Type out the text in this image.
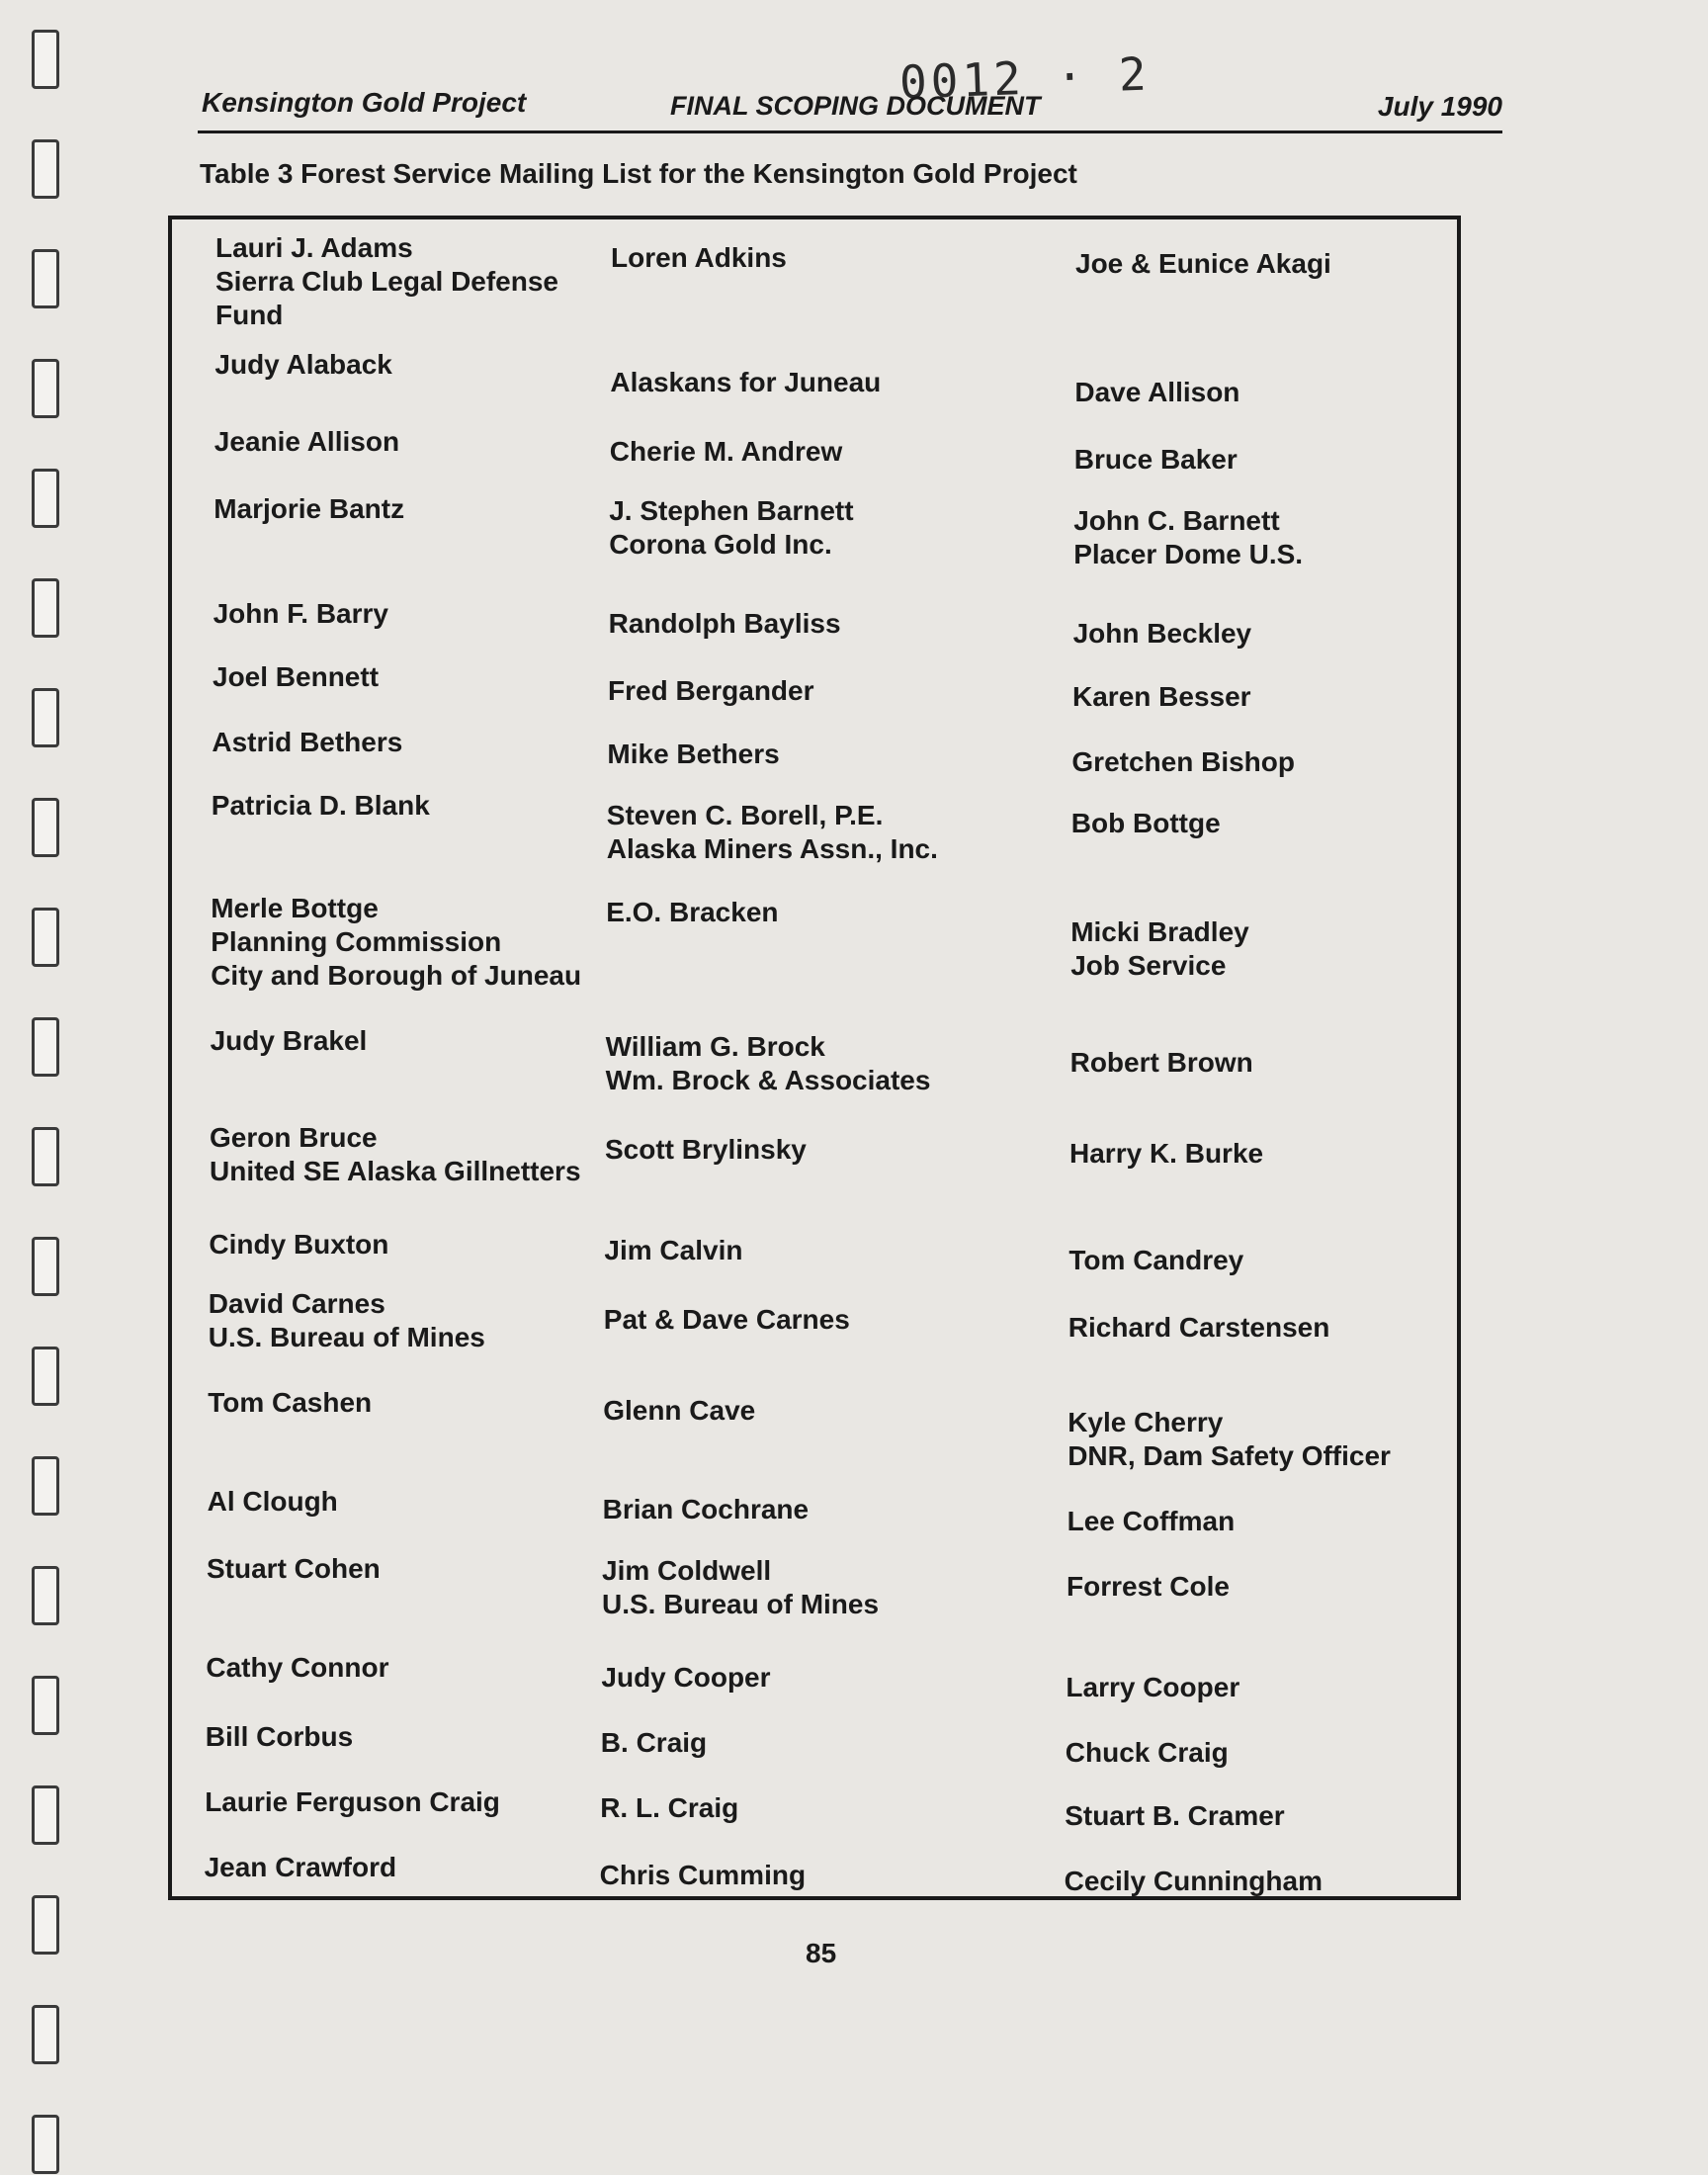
0012 · 2
Kensington Gold Project	FINAL SCOPING DOCUMENT	July 1990
Table 3 Forest Service Mailing List for the Kensington Gold Project
Lauri J. Adams
Sierra Club Legal Defense
Fund
Judy Alaback
Jeanie Allison
Marjorie Bantz
John F. Barry
Joel Bennett
Astrid Bethers
Patricia D. Blank
Merle Bottge
Planning Commission
City and Borough of Juneau
Judy Brakel
Geron Bruce
United SE Alaska Gillnetters
Cindy Buxton
David Carnes
U.S. Bureau of Mines
Tom Cashen
Al Clough
Stuart Cohen
Cathy Connor
Bill Corbus
Laurie Ferguson Craig
Jean Crawford
Loren Adkins
Alaskans for Juneau
Cherie M. Andrew
J. Stephen Barnett
Corona Gold Inc.
Randolph Bayliss
Fred Bergander
Mike Bethers
Steven C. Borell, P.E.
Alaska Miners Assn., Inc.
E.O. Bracken
William G. Brock
Wm. Brock & Associates
Scott Brylinsky
Jim Calvin
Pat & Dave Carnes
Glenn Cave
Brian Cochrane
Jim Coldwell
U.S. Bureau of Mines
Judy Cooper
B. Craig
R. L. Craig
Chris Cumming
Joe & Eunice Akagi
Dave Allison
Bruce Baker
John C. Barnett
Placer Dome U.S.
John Beckley
Karen Besser
Gretchen Bishop
Bob Bottge
Micki Bradley
Job Service
Robert Brown
Harry K. Burke
Tom Candrey
Richard Carstensen
Kyle Cherry
DNR, Dam Safety Officer
Lee Coffman
Forrest Cole
Larry Cooper
Chuck Craig
Stuart B. Cramer
Cecily Cunningham
85
